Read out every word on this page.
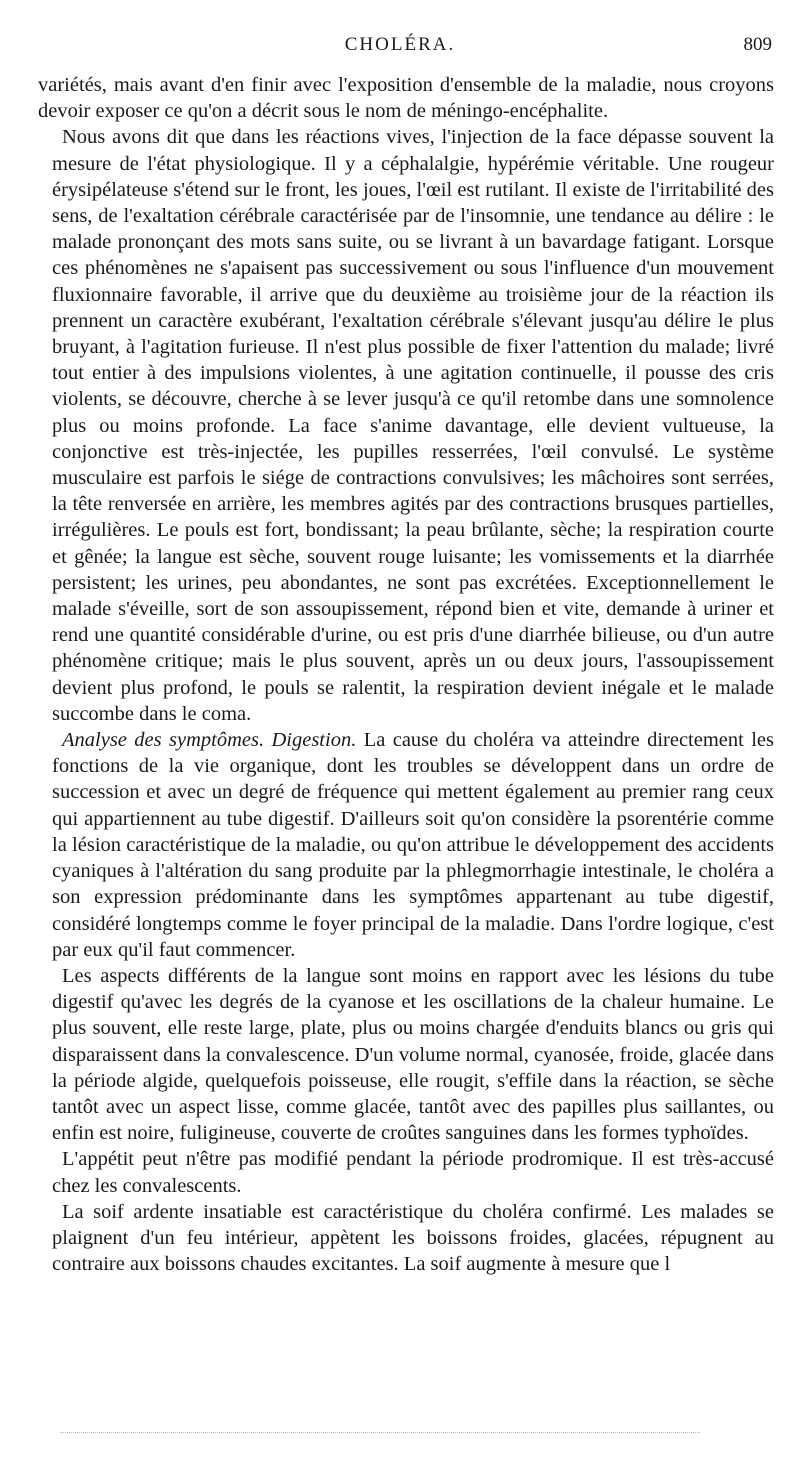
CHOLÉRA.	809

variétés, mais avant d'en finir avec l'exposition d'ensemble de la maladie, nous croyons devoir exposer ce qu'on a décrit sous le nom de méningo-encéphalite.

Nous avons dit que dans les réactions vives, l'injection de la face dépasse souvent la mesure de l'état physiologique. Il y a céphalalgie, hypérémie véritable. Une rougeur érysipélateuse s'étend sur le front, les joues, l'œil est rutilant. Il existe de l'irritabilité des sens, de l'exaltation cérébrale caractérisée par de l'insomnie, une tendance au délire : le malade prononçant des mots sans suite, ou se livrant à un bavardage fatigant. Lorsque ces phénomènes ne s'apaisent pas successivement ou sous l'influence d'un mouvement fluxionnaire favorable, il arrive que du deuxième au troisième jour de la réaction ils prennent un caractère exubérant, l'exaltation cérébrale s'élevant jusqu'au délire le plus bruyant, à l'agitation furieuse. Il n'est plus possible de fixer l'attention du malade; livré tout entier à des impulsions violentes, à une agitation continuelle, il pousse des cris violents, se découvre, cherche à se lever jusqu'à ce qu'il retombe dans une somnolence plus ou moins profonde. La face s'anime davantage, elle devient vultueuse, la conjonctive est très-injectée, les pupilles resserrées, l'œil convulsé. Le système musculaire est parfois le siége de contractions convulsives; les mâchoires sont serrées, la tête renversée en arrière, les membres agités par des contractions brusques partielles, irrégulières. Le pouls est fort, bondissant; la peau brûlante, sèche; la respiration courte et gênée; la langue est sèche, souvent rouge luisante; les vomissements et la diarrhée persistent; les urines, peu abondantes, ne sont pas excrétées. Exceptionnellement le malade s'éveille, sort de son assoupissement, répond bien et vite, demande à uriner et rend une quantité considérable d'urine, ou est pris d'une diarrhée bilieuse, ou d'un autre phénomène critique; mais le plus souvent, après un ou deux jours, l'assoupissement devient plus profond, le pouls se ralentit, la respiration devient inégale et le malade succombe dans le coma.

Analyse des symptômes. Digestion. La cause du choléra va atteindre directement les fonctions de la vie organique, dont les troubles se développent dans un ordre de succession et avec un degré de fréquence qui mettent également au premier rang ceux qui appartiennent au tube digestif. D'ailleurs soit qu'on considère la psorentérie comme la lésion caractéristique de la maladie, ou qu'on attribue le développement des accidents cyaniques à l'altération du sang produite par la phlegmorrhagie intestinale, le choléra a son expression prédominante dans les symptômes appartenant au tube digestif, considéré longtemps comme le foyer principal de la maladie. Dans l'ordre logique, c'est par eux qu'il faut commencer.

Les aspects différents de la langue sont moins en rapport avec les lésions du tube digestif qu'avec les degrés de la cyanose et les oscillations de la chaleur humaine. Le plus souvent, elle reste large, plate, plus ou moins chargée d'enduits blancs ou gris qui disparaissent dans la convalescence. D'un volume normal, cyanosée, froide, glacée dans la période algide, quelquefois poisseuse, elle rougit, s'effile dans la réaction, se sèche tantôt avec un aspect lisse, comme glacée, tantôt avec des papilles plus saillantes, ou enfin est noire, fuligineuse, couverte de croûtes sanguines dans les formes typhoïdes.

L'appétit peut n'être pas modifié pendant la période prodromique. Il est très-accusé chez les convalescents.

La soif ardente insatiable est caractéristique du choléra confirmé. Les malades se plaignent d'un feu intérieur, appètent les boissons froides, glacées, répugnent au contraire aux boissons chaudes excitantes. La soif augmente à mesure que l
